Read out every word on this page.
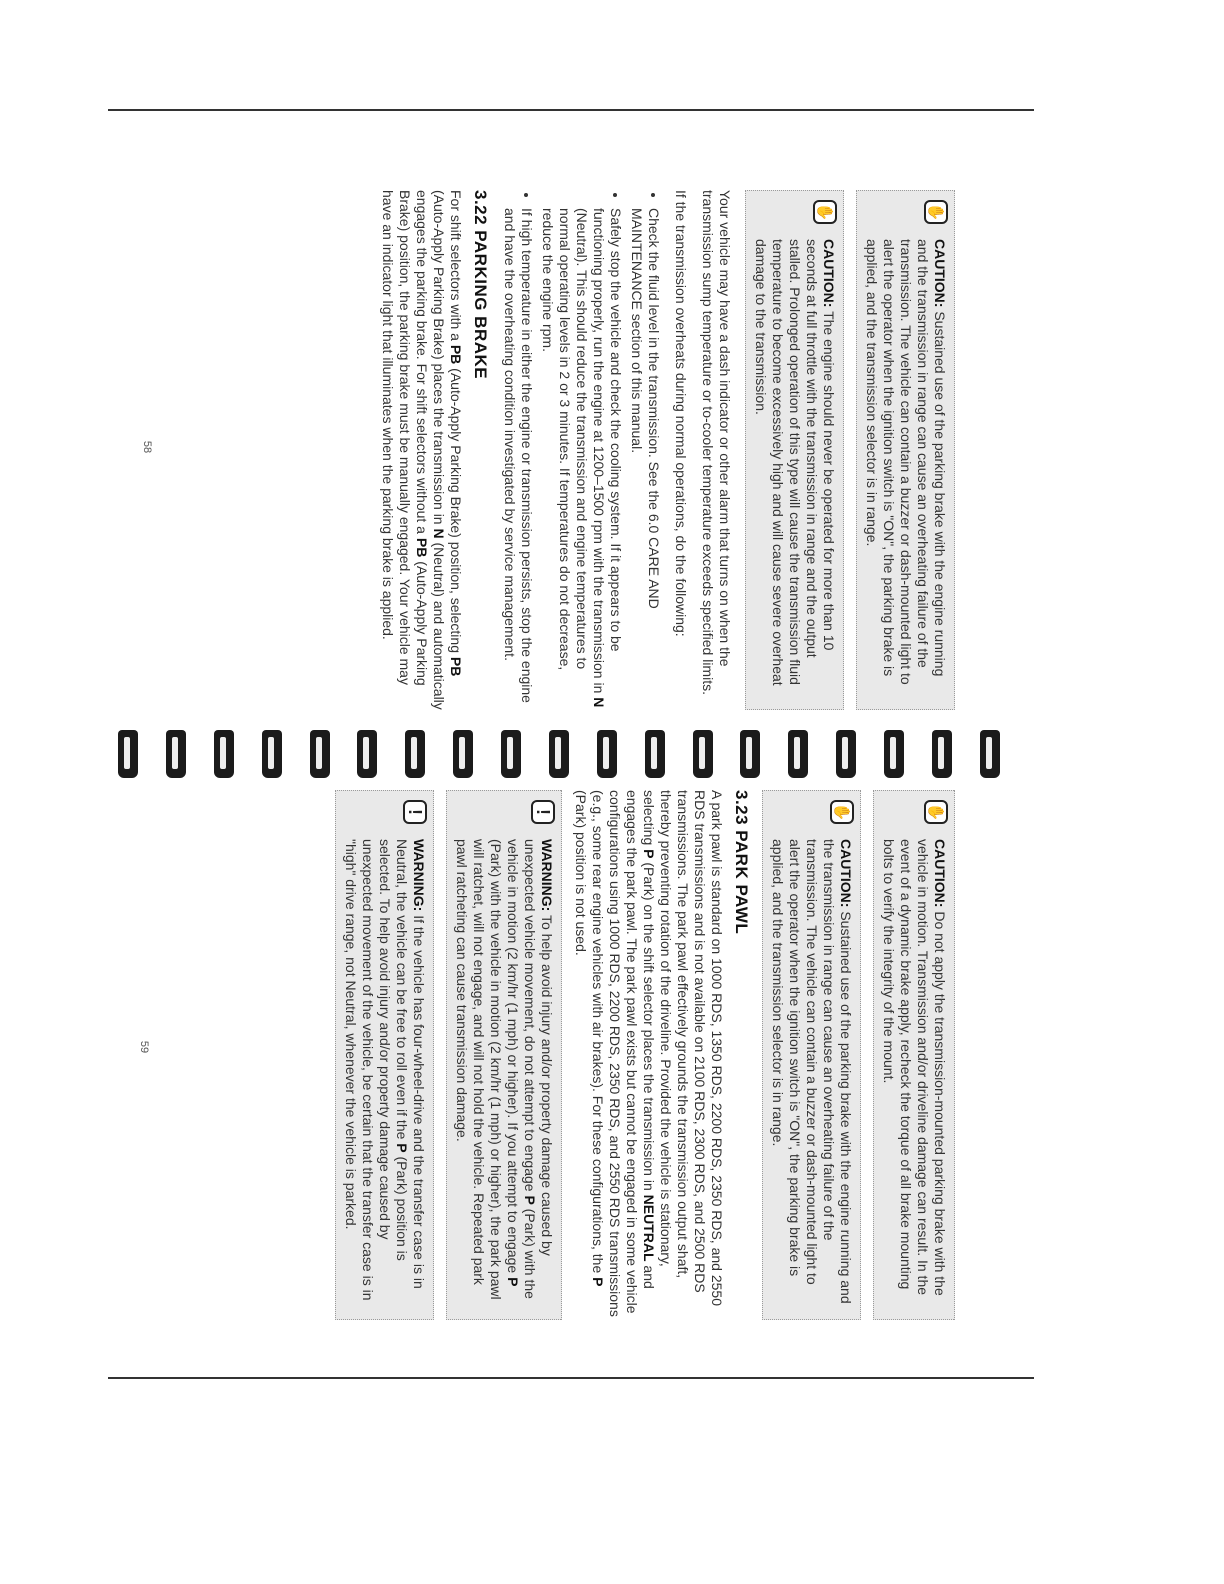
✋
CAUTION: Sustained use of the parking brake with the engine running and the transmission in range can cause an overheating failure of the transmission. The vehicle can contain a buzzer or dash-mounted light to alert the operator when the ignition switch is "ON", the parking brake is applied, and the transmission selector is in range.
✋
CAUTION: The engine should never be operated for more than 10 seconds at full throttle with the transmission in range and the output stalled. Prolonged operation of this type will cause the transmission fluid temperature to become excessively high and will cause severe overheat damage to the transmission.

Your vehicle may have a dash indicator or other alarm that turns on when the transmission sump temperature or to-cooler temperature exceeds specified limits.

If the transmission overheats during normal operations, do the following:

• Check the fluid level in the transmission. See the 6.0 CARE AND MAINTENANCE section of this manual.
• Safely stop the vehicle and check the cooling system. If it appears to be functioning properly, run the engine at 1200–1500 rpm with the transmission in N (Neutral). This should reduce the transmission and engine temperatures to normal operating levels in 2 or 3 minutes. If temperatures do not decrease, reduce the engine rpm.
• If high temperature in either the engine or transmission persists, stop the engine and have the overheating condition investigated by service management.
3.22 PARKING BRAKE

For shift selectors with a PB (Auto-Apply Parking Brake) position, selecting PB (Auto-Apply Parking Brake) places the transmission in N (Neutral) and automatically engages the parking brake. For shift selectors without a PB (Auto-Apply Parking Brake) position, the parking brake must be manually engaged. Your vehicle may have an indicator light that illuminates when the parking brake is applied.

✋
CAUTION: Do not apply the transmission-mounted parking brake with the vehicle in motion. Transmission and/or driveline damage can result. In the event of a dynamic brake apply, recheck the torque of all brake mounting bolts to verify the integrity of the mount.
✋
CAUTION: Sustained use of the parking brake with the engine running and the transmission in range can cause an overheating failure of the transmission. The vehicle can contain a buzzer or dash-mounted light to alert the operator when the ignition switch is "ON", the parking brake is applied, and the transmission selector is in range.
3.23 PARK PAWL

A park pawl is standard on 1000 RDS, 1350 RDS, 2200 RDS, 2350 RDS, and 2550 RDS transmissions and is not available on 2100 RDS, 2300 RDS, and 2500 RDS transmissions. The park pawl effectively grounds the transmission output shaft, thereby preventing rotation of the driveline. Provided the vehicle is stationary, selecting P (Park) on the shift selector places the transmission in NEUTRAL and engages the park pawl. The park pawl exists but cannot be engaged in some vehicle configurations using 1000 RDS, 2200 RDS, 2350 RDS, and 2550 RDS transmissions (e.g., some rear engine vehicles with air brakes). For these configurations, the P (Park) position is not used.

!
WARNING: To help avoid injury and/or property damage caused by unexpected vehicle movement, do not attempt to engage P (Park) with the vehicle in motion (2 km/hr (1 mph) or higher). If you attempt to engage P (Park) with the vehicle in motion (2 km/hr (1 mph) or higher), the park pawl will ratchet, will not engage, and will not hold the vehicle. Repeated park pawl ratcheting can cause transmission damage.
!
WARNING: If the vehicle has four-wheel-drive and the transfer case is in Neutral, the vehicle can be free to roll even if the P (Park) position is selected. To help avoid injury and/or property damage caused by unexpected movement of the vehicle, be certain that the transfer case is in "high" drive range, not Neutral, whenever the vehicle is parked.
58
59
